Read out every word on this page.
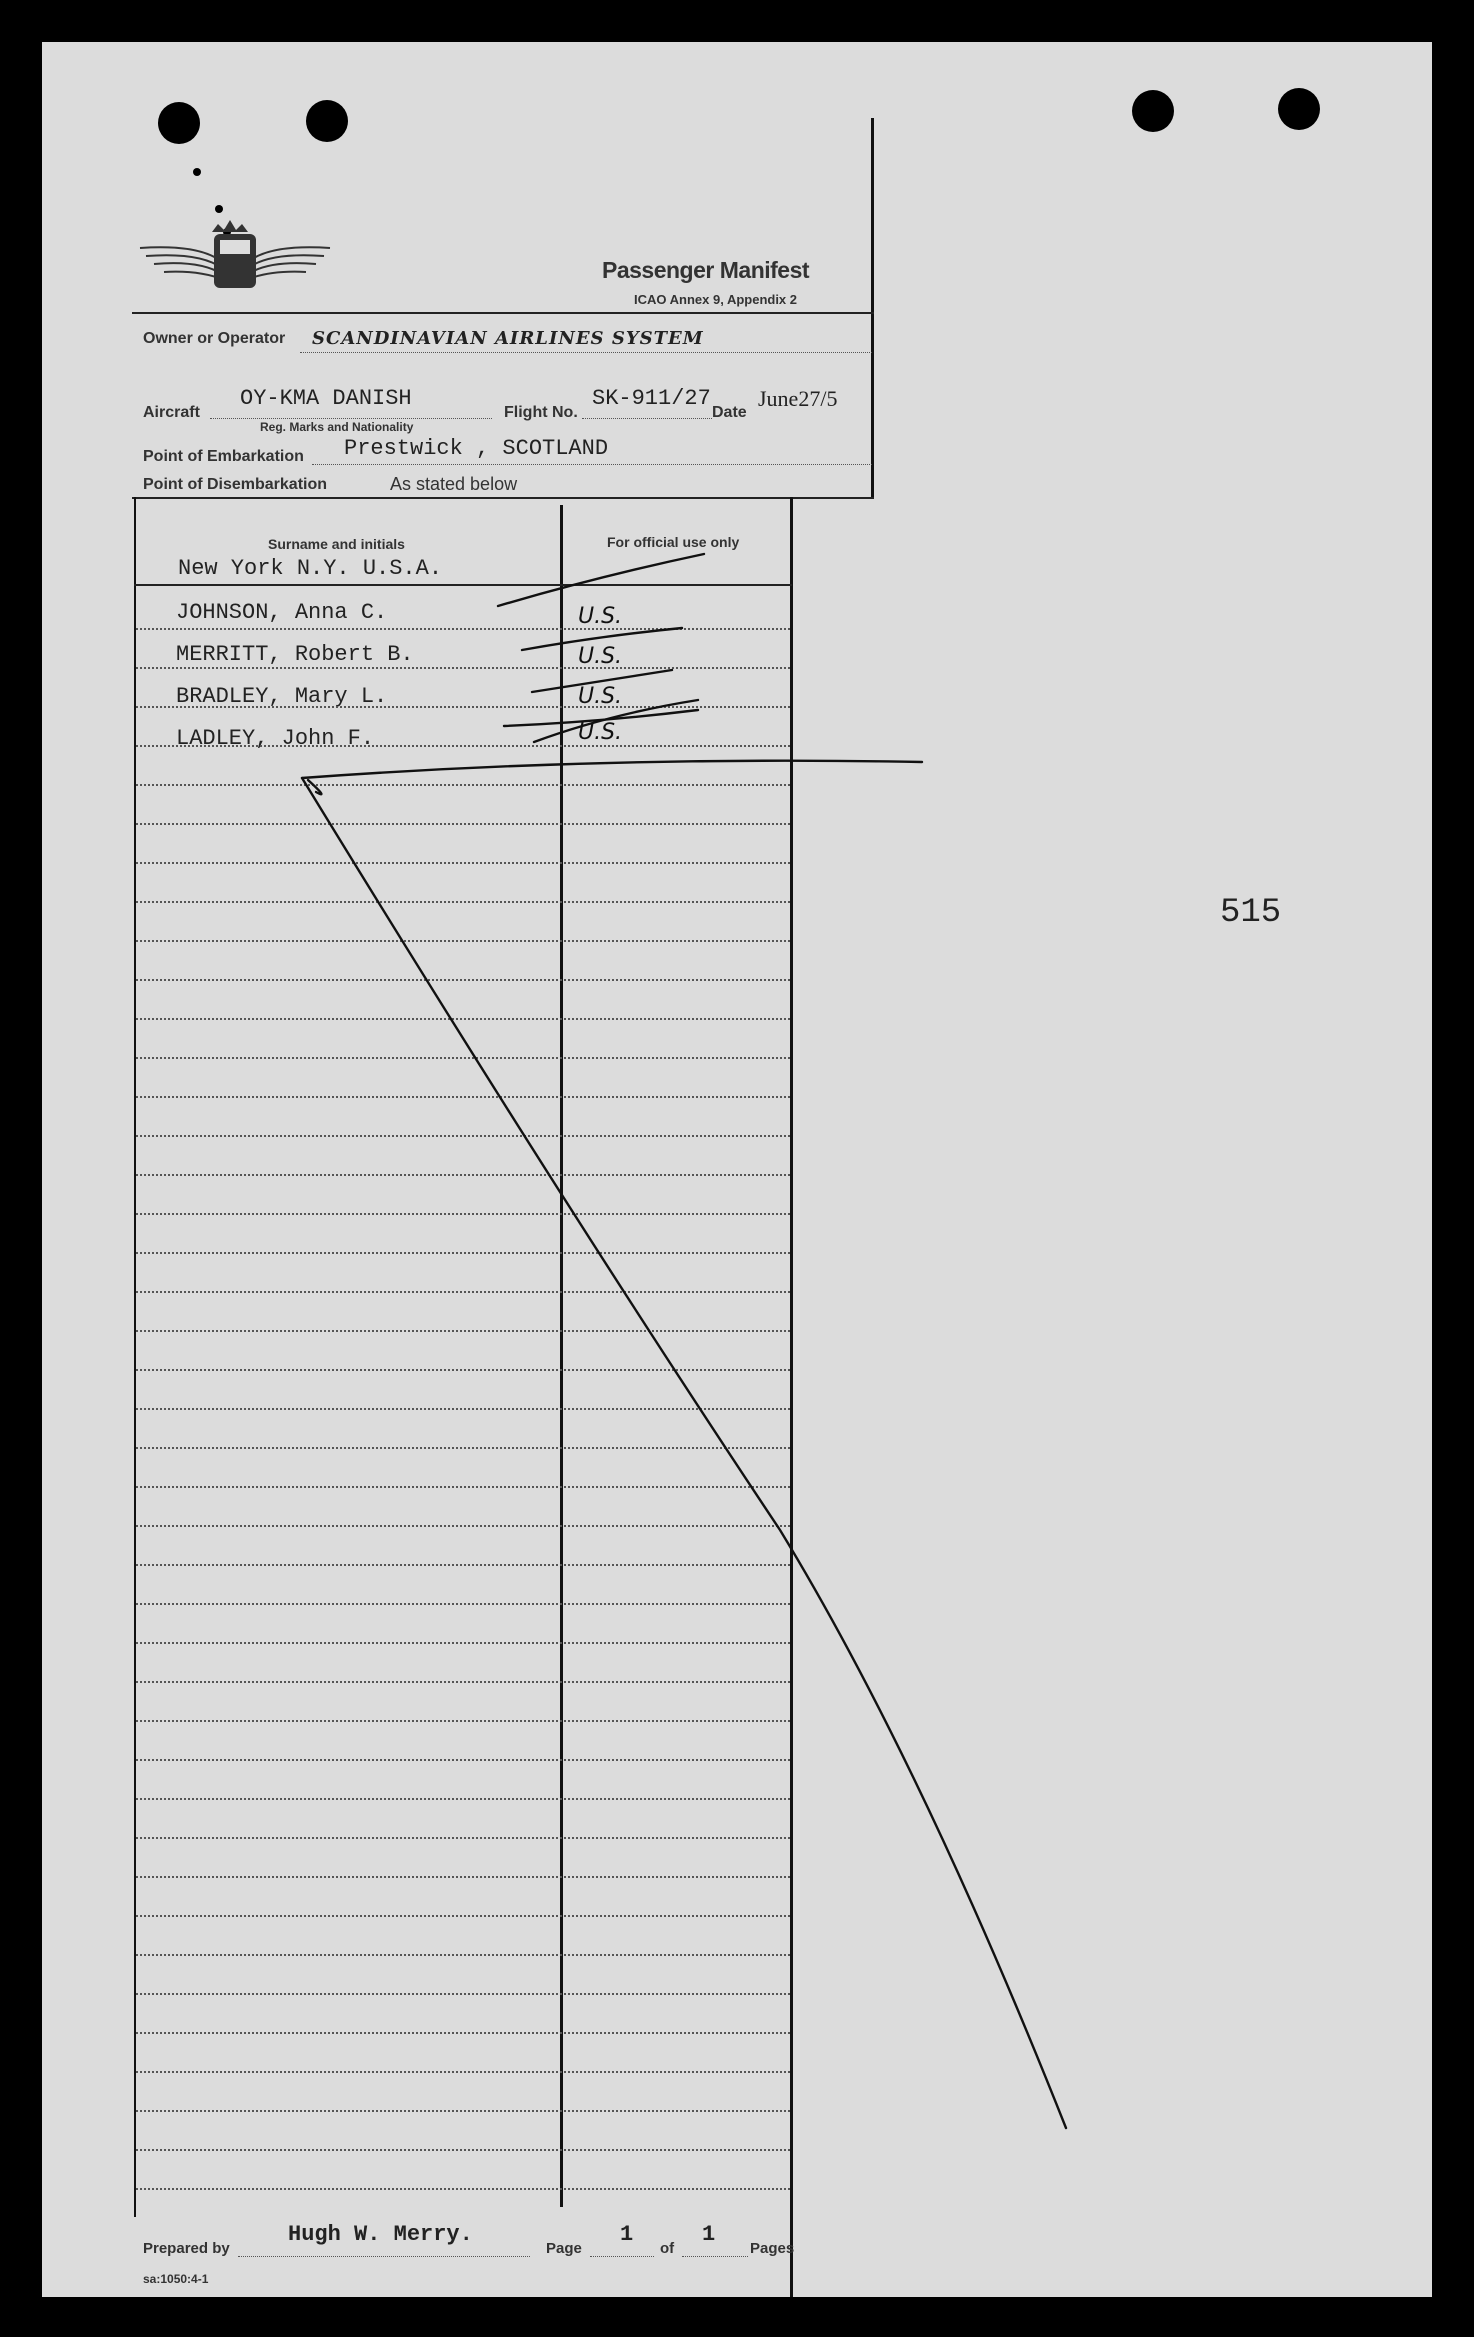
Passenger Manifest
ICAO Annex 9, Appendix 2
Owner or Operator SCANDINAVIAN AIRLINES SYSTEM
Aircraft
OY-KMA DANISH
Reg. Marks and Nationality
Flight No.
SK-911/27
Date
June27/5
Point of Embarkation Prestwick , SCOTLAND
Point of Disembarkation	As stated below
Surname and initials	For official use only
New York N.Y. U.S.A.
JOHNSON, Anna C.
MERRITT, Robert B.
BRADLEY, Mary L.
LADLEY, John F.
U.S.
U.S.
U.S.
U.S.
515
Prepared by
Hugh W. Merry.
Page
1
of
1
Pages
sa:1050:4-1
